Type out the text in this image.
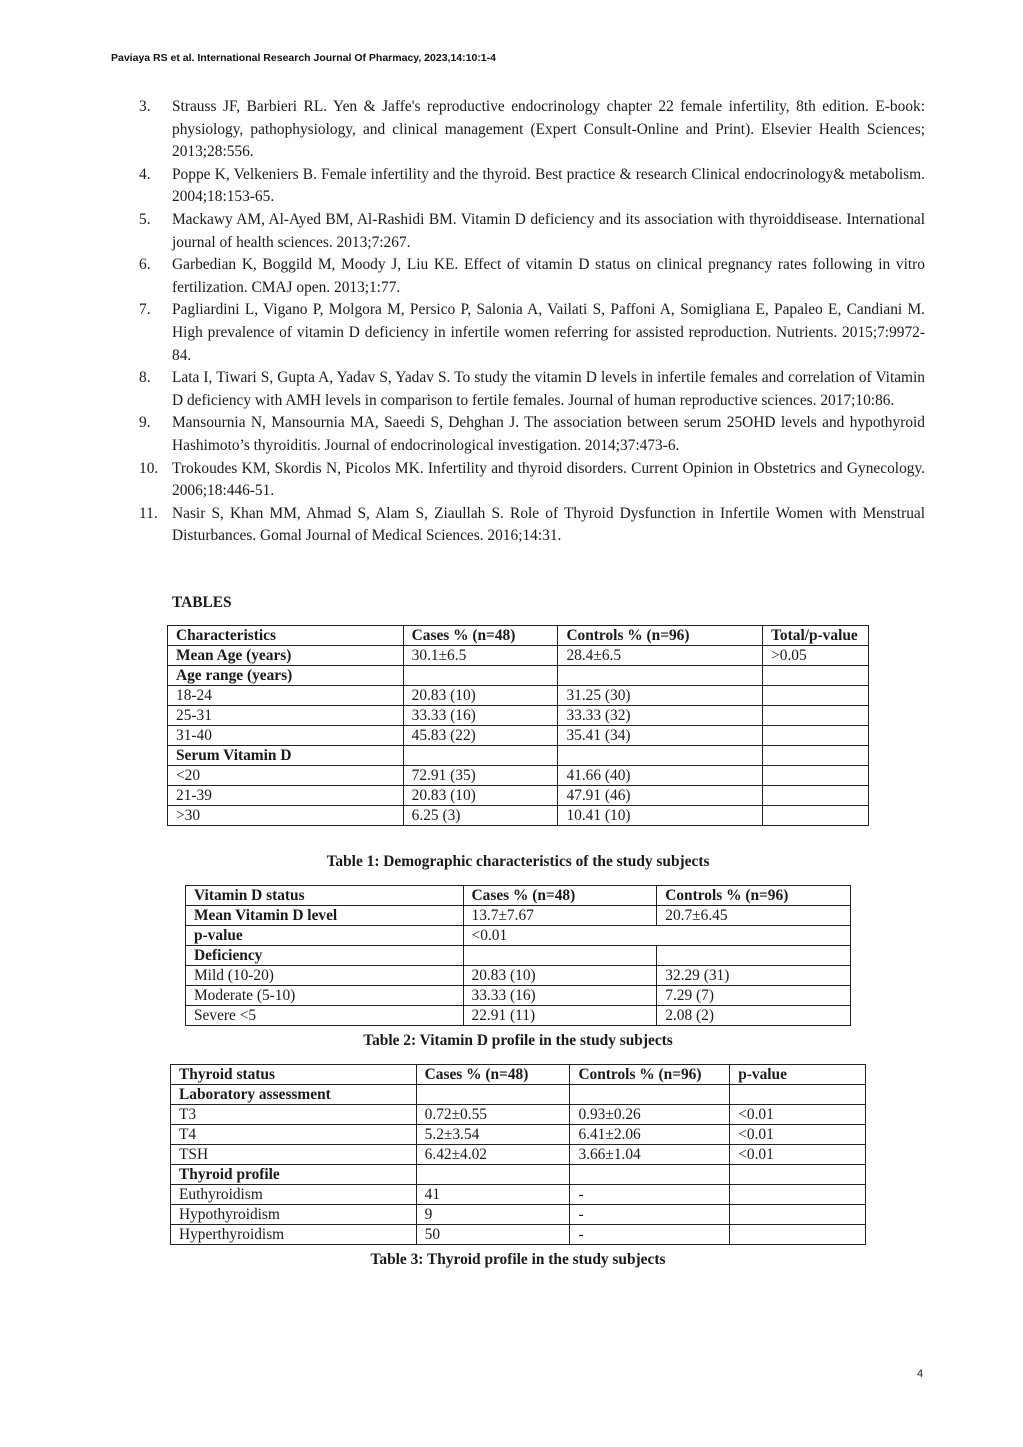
Paviaya RS et al. International Research Journal Of Pharmacy, 2023,14:10:1-4
3. Strauss JF, Barbieri RL. Yen & Jaffe's reproductive endocrinology chapter 22 female infertility, 8th edition. E-book: physiology, pathophysiology, and clinical management (Expert Consult-Online and Print). Elsevier Health Sciences; 2013;28:556.
4. Poppe K, Velkeniers B. Female infertility and the thyroid. Best practice & research Clinical endocrinology& metabolism. 2004;18:153-65.
5. Mackawy AM, Al-Ayed BM, Al-Rashidi BM. Vitamin D deficiency and its association with thyroiddisease. International journal of health sciences. 2013;7:267.
6. Garbedian K, Boggild M, Moody J, Liu KE. Effect of vitamin D status on clinical pregnancy rates following in vitro fertilization. CMAJ open. 2013;1:77.
7. Pagliardini L, Vigano P, Molgora M, Persico P, Salonia A, Vailati S, Paffoni A, Somigliana E, Papaleo E, Candiani M. High prevalence of vitamin D deficiency in infertile women referring for assisted reproduction. Nutrients. 2015;7:9972-84.
8. Lata I, Tiwari S, Gupta A, Yadav S, Yadav S. To study the vitamin D levels in infertile females and correlation of Vitamin D deficiency with AMH levels in comparison to fertile females. Journal of human reproductive sciences. 2017;10:86.
9. Mansournia N, Mansournia MA, Saeedi S, Dehghan J. The association between serum 25OHD levels and hypothyroid Hashimoto’s thyroiditis. Journal of endocrinological investigation. 2014;37:473-6.
10. Trokoudes KM, Skordis N, Picolos MK. Infertility and thyroid disorders. Current Opinion in Obstetrics and Gynecology. 2006;18:446-51.
11. Nasir S, Khan MM, Ahmad S, Alam S, Ziaullah S. Role of Thyroid Dysfunction in Infertile Women with Menstrual Disturbances. Gomal Journal of Medical Sciences. 2016;14:31.
TABLES
Characteristics	Cases % (n=48)	Controls % (n=96)	Total/p-value
Mean Age (years)	30.1±6.5	28.4±6.5	>0.05
Age range (years)			
18-24	20.83 (10)	31.25 (30)	
25-31	33.33 (16)	33.33 (32)	
31-40	45.83 (22)	35.41 (34)	
Serum Vitamin D			
<20	72.91 (35)	41.66 (40)	
21-39	20.83 (10)	47.91 (46)	
>30	6.25 (3)	10.41 (10)	
Table 1: Demographic characteristics of the study subjects
Vitamin D status	Cases % (n=48)	Controls % (n=96)
Mean Vitamin D level	13.7±7.67	20.7±6.45
p-value	<0.01	
Deficiency		
Mild (10-20)	20.83 (10)	32.29 (31)
Moderate (5-10)	33.33 (16)	7.29 (7)
Severe <5	22.91 (11)	2.08 (2)
Table 2: Vitamin D profile in the study subjects
Thyroid status	Cases % (n=48)	Controls % (n=96)	p-value
Laboratory assessment			
T3	0.72±0.55	0.93±0.26	<0.01
T4	5.2±3.54	6.41±2.06	<0.01
TSH	6.42±4.02	3.66±1.04	<0.01
Thyroid profile			
Euthyroidism	41	-	
Hypothyroidism	9	-	
Hyperthyroidism	50	-	
Table 3: Thyroid profile in the study subjects
4
